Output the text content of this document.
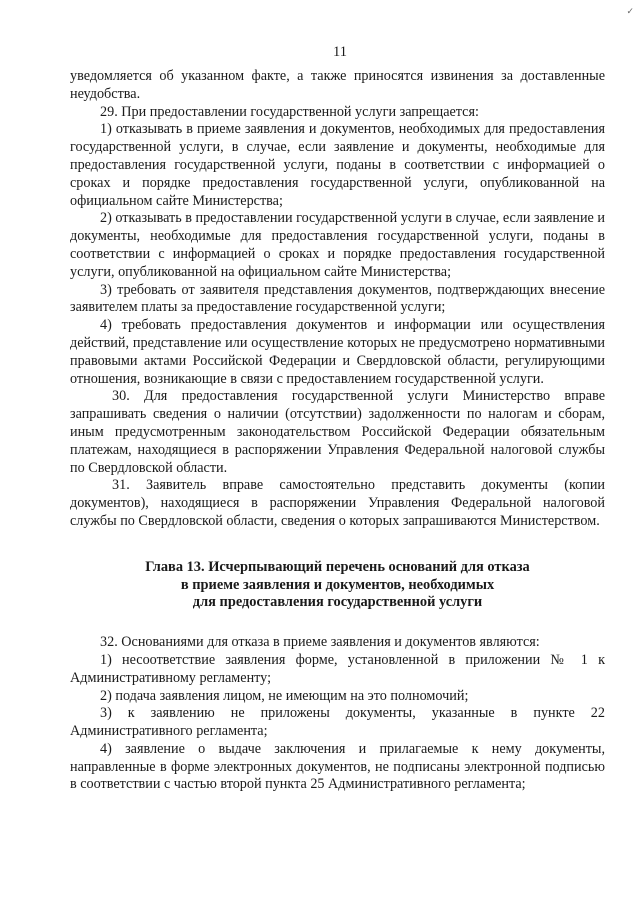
✓
11

уведомляется об указанном факте, а также приносятся извинения за доставленные неудобства.

29. При предоставлении государственной услуги запрещается:

1) отказывать в приеме заявления и документов, необходимых для предоставления государственной услуги, в случае, если заявление и документы, необходимые для предоставления государственной услуги, поданы в соответствии с информацией о сроках и порядке предоставления государственной услуги, опубликованной на официальном сайте Министерства;

2) отказывать в предоставлении государственной услуги в случае, если заявление и документы, необходимые для предоставления государственной услуги, поданы в соответствии с информацией о сроках и порядке предоставления государственной услуги, опубликованной на официальном сайте Министерства;

3) требовать от заявителя представления документов, подтверждающих внесение заявителем платы за предоставление государственной услуги;

4) требовать предоставления документов и информации или осуществления действий, представление или осуществление которых не предусмотрено нормативными правовыми актами Российской Федерации и Свердловской области, регулирующими отношения, возникающие в связи с предоставлением государственной услуги.

30. Для предоставления государственной услуги Министерство вправе запрашивать сведения о наличии (отсутствии) задолженности по налогам и сборам, иным предусмотренным законодательством Российской Федерации обязательным платежам, находящиеся в распоряжении Управления Федеральной налоговой службы по Свердловской области.

31. Заявитель вправе самостоятельно представить документы (копии документов), находящиеся в распоряжении Управления Федеральной налоговой службы по Свердловской области, сведения о которых запрашиваются Министерством.

Глава 13. Исчерпывающий перечень оснований для отказа
в приеме заявления и документов, необходимых
для предоставления государственной услуги

32. Основаниями для отказа в приеме заявления и документов являются:

1) несоответствие заявления форме, установленной в приложении № 1 к Административному регламенту;

2) подача заявления лицом, не имеющим на это полномочий;

3) к заявлению не приложены документы, указанные в пункте 22 Административного регламента;

4) заявление о выдаче заключения и прилагаемые к нему документы, направленные в форме электронных документов, не подписаны электронной подписью в соответствии с частью второй пункта 25 Административного регламента;
